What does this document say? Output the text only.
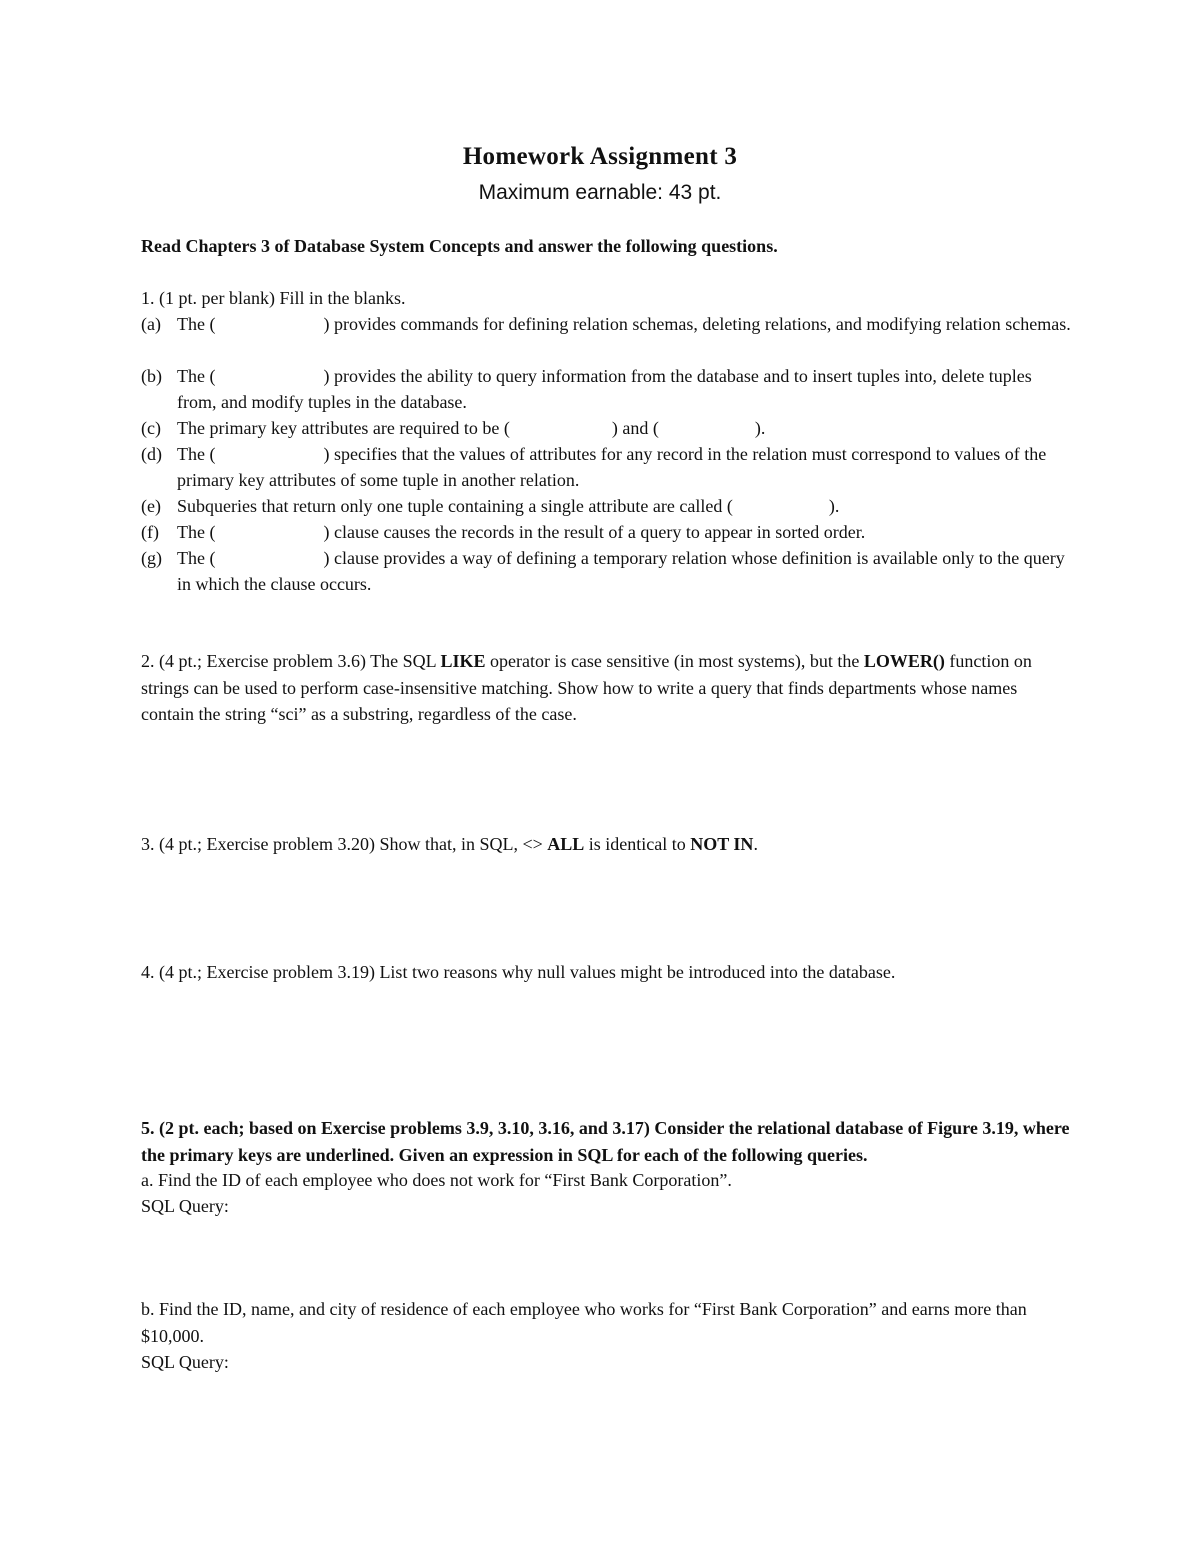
Homework Assignment 3
Maximum earnable: 43 pt.
Read Chapters 3 of Database System Concepts and answer the following questions.
1. (1 pt. per blank) Fill in the blanks.
(a) The (	) provides commands for defining relation schemas, deleting relations, and modifying relation schemas.
(b) The (	) provides the ability to query information from the database and to insert tuples into, delete tuples from, and modify tuples in the database.
(c) The primary key attributes are required to be (	) and (	).
(d) The (	) specifies that the values of attributes for any record in the relation must correspond to values of the primary key attributes of some tuple in another relation.
(e) Subqueries that return only one tuple containing a single attribute are called (	).
(f)	The (	) clause causes the records in the result of a query to appear in sorted order.
(g) The (	) clause provides a way of defining a temporary relation whose definition is available only to the query in which the clause occurs.
2. (4 pt.; Exercise problem 3.6) The SQL LIKE operator is case sensitive (in most systems), but the LOWER() function on strings can be used to perform case-insensitive matching. Show how to write a query that finds departments whose names contain the string “sci” as a substring, regardless of the case.
3. (4 pt.; Exercise problem 3.20) Show that, in SQL, <> ALL is identical to NOT IN.
4. (4 pt.; Exercise problem 3.19) List two reasons why null values might be introduced into the database.
5. (2 pt. each; based on Exercise problems 3.9, 3.10, 3.16, and 3.17) Consider the relational database of Figure 3.19, where the primary keys are underlined. Given an expression in SQL for each of the following queries.
a. Find the ID of each employee who does not work for “First Bank Corporation”.
SQL Query:
b. Find the ID, name, and city of residence of each employee who works for “First Bank Corporation” and earns more than $10,000.
SQL Query:
